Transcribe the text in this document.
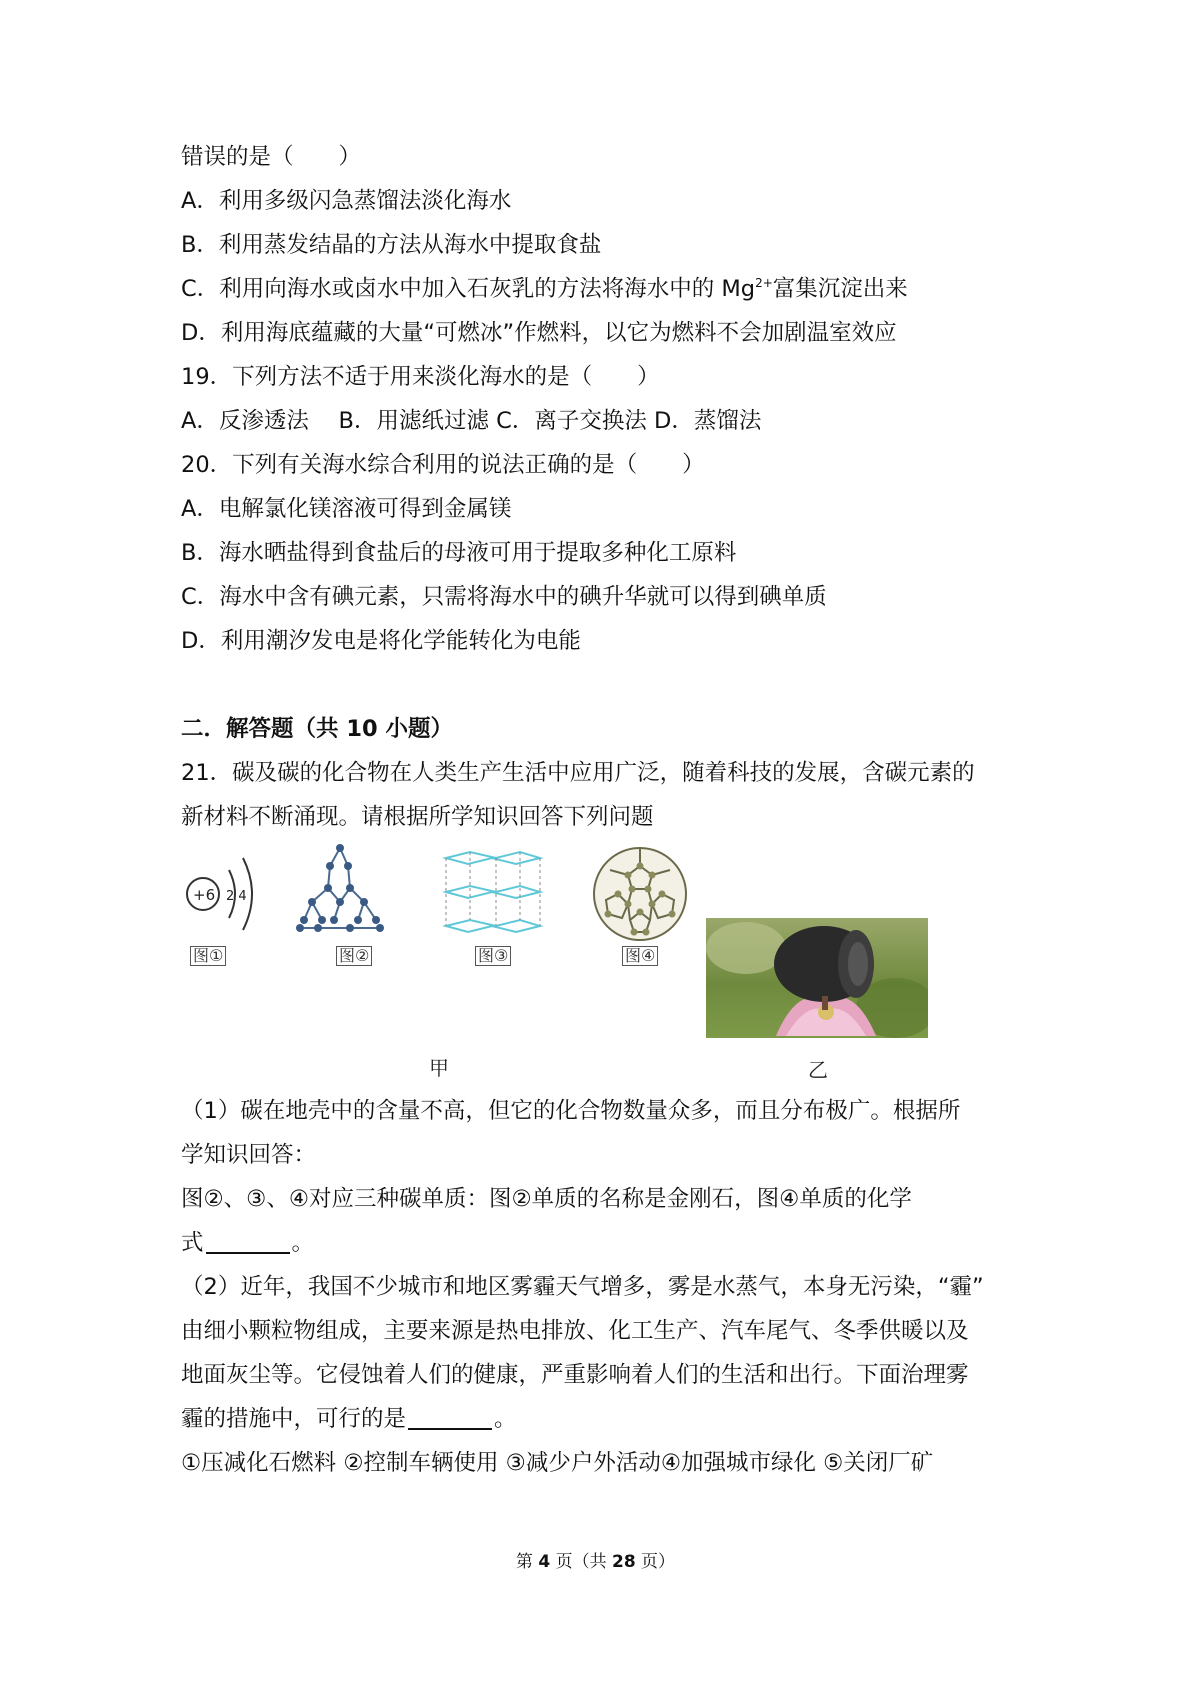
错误的是（　　）
A．利用多级闪急蒸馏法淡化海水
B．利用蒸发结晶的方法从海水中提取食盐
C．利用向海水或卤水中加入石灰乳的方法将海水中的 $Mg^{2+}$富集沉淀出来
D．利用海底蕴藏的大量“可燃冰”作燃料，以它为燃料不会加剧温室效应
19．下列方法不适于用来淡化海水的是（　　）
A．反渗透法　 B．用滤纸过滤 C．离子交换法 D．蒸馏法
20．下列有关海水综合利用的说法正确的是（　　）
A．电解氯化镁溶液可得到金属镁
B．海水晒盐得到食盐后的母液可用于提取多种化工原料
C．海水中含有碘元素，只需将海水中的碘升华就可以得到碘单质
D．利用潮汐发电是将化学能转化为电能
二．解答题（共 10 小题）
21．碳及碳的化合物在人类生产生活中应用广泛，随着科技的发展，含碳元素的
新材料不断涌现。请根据所学知识回答下列问题
+6 2 4
图①	图②	图③	图④
甲	乙
（1）碳在地壳中的含量不高，但它的化合物数量众多，而且分布极广。根据所
学知识回答：
图②、③、④对应三种碳单质：图②单质的名称是金刚石，图④单质的化学
式	。
（2）近年，我国不少城市和地区雾霾天气增多，雾是水蒸气，本身无污染，“霾”
由细小颗粒物组成，主要来源是热电排放、化工生产、汽车尾气、冬季供暖以及
地面灰尘等。它侵蚀着人们的健康，严重影响着人们的生活和出行。下面治理雾
霾的措施中，可行的是	。
①压减化石燃料 ②控制车辆使用 ③减少户外活动④加强城市绿化 ⑤关闭厂矿
第 4 页（共 28 页）
